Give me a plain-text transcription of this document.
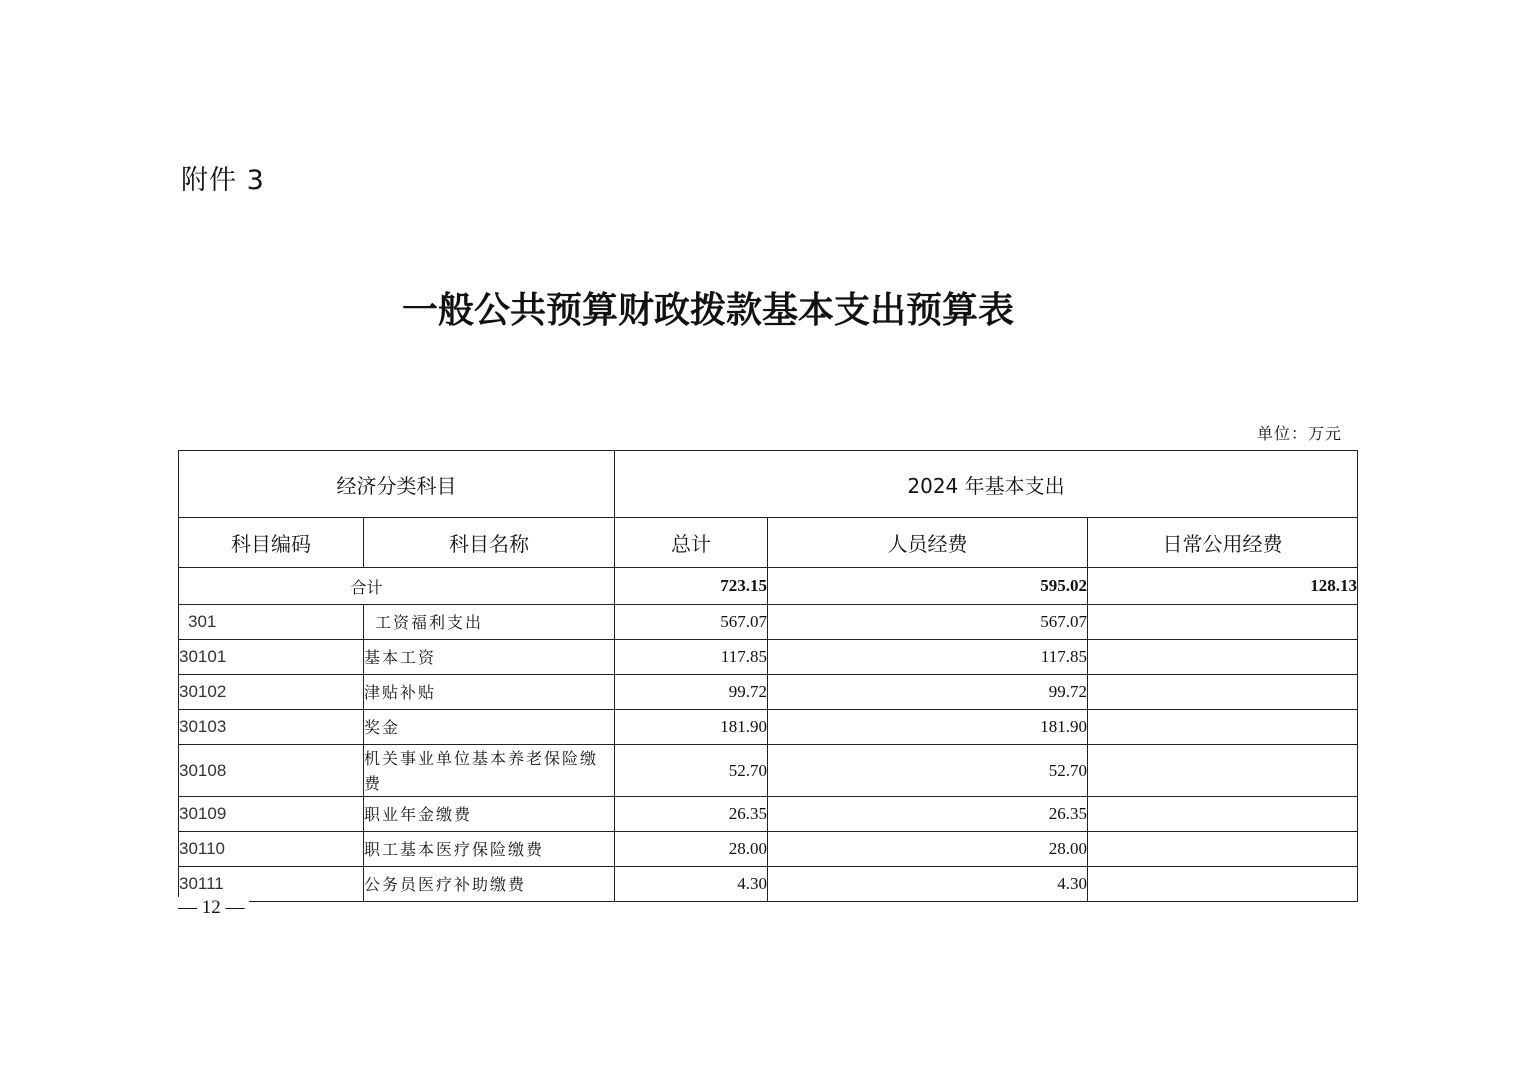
附件 3
一般公共预算财政拨款基本支出预算表
单位：万元
经济分类科目		2024 年基本支出		
科目编码	科目名称	总计	人员经费	日常公用经费
合计		723.15	595.02	128.13
301	工资福利支出	567.07	567.07	
30101	基本工资	117.85	117.85	
30102	津贴补贴	99.72	99.72	
30103	奖金	181.90	181.90	
30108	机关事业单位基本养老保险缴费	52.70	52.70	
30109	职业年金缴费	26.35	26.35	
30110	职工基本医疗保险缴费	28.00	28.00	
30111	公务员医疗补助缴费	4.30	4.30	
— 12 —
